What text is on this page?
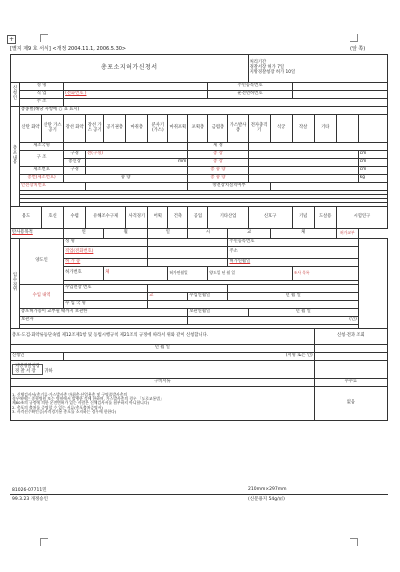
+
[별지 제9 호 서식] <개정 2004.11.1, 2006.5.30>	(앞 쪽)
총포소지허가신청서												처리기간
경찰서장 허가 7일
지방경찰청장 허가 10일					

신청인	성 명									주민등록번호							
	직 업		(전화번호 )							운전면허번호							
	주 소																
총포내용	총종별(해당 사항에 ○ 표 표시)																
	산탄 화약	산탄 가스 공기	강선 화약	강선 가스 공기	공기권총	마취총	분사기(가스)	마취포획	포획총	금렵총	가스발사총	전자충격기	석궁	작살	기타		
	제조국명								제 정								
	구 조		구경	전(구경)					총 장								cm
			총신장	mm					총 장								cm
	제조번호		구경						총 중 량								cm
	총번(제조번호)		중 량						총 중 량								kg
	안전장치번호								방전장치설치여부								

용도		호신	수렵	유해조수구제		사격경기	어획	건축	공업	기타산업		신호구		기념	도살용	시험연구	
탄사용목적			연		월		일		시		교		체			허가교부	
입수경위	양도인		성 명								주민등록번호						
			직업(전화번호)								주소						
			허 가 증								허가연월일						
			허가번호		체			허가연월일		양도일 년 월 일				조사 목록			

	수입 내역		수입면장 번호														
							교		수입연월일		년 월 일						
			수 입 국 명														
	총포허가증이 교부될 때까지 보관한								보관연월일			년 월 일					
	보관자								(인)								

총포·도검·화약류등단속법 제12조제1항 및 동법시행규칙 제21조의 규정에 따라서 위와 같이 신청합니다.															신청·전과 조회		
년 월 일																	
신청인			(서명 또는 인)														
지방경찰청장
경 찰 서 장 귀하																	
구비서류															수수료		

1. 신체검사서(총기류·가스발사총 마취총·산업용총 및 구명줄발사총의
경우에에는 종합병원 또는 병원에서 발행한 것에 한하며, 가스발사총의 경우 「도로교통법」
제80조의 규정에 의한 운전면허가 있는 사람은 신체검사서를 첨부하지 아니합니다)
2. 총포의 출처를 증명할 수 있는 서류(총포출처증명서)
3. 사격선수확인증(사격경기용 총포를 소지하는 경우에 한한다)															없음		
81026-07711민	210mm×297mm
99.3.23 개정승인	(신문용지 54g/㎡)
